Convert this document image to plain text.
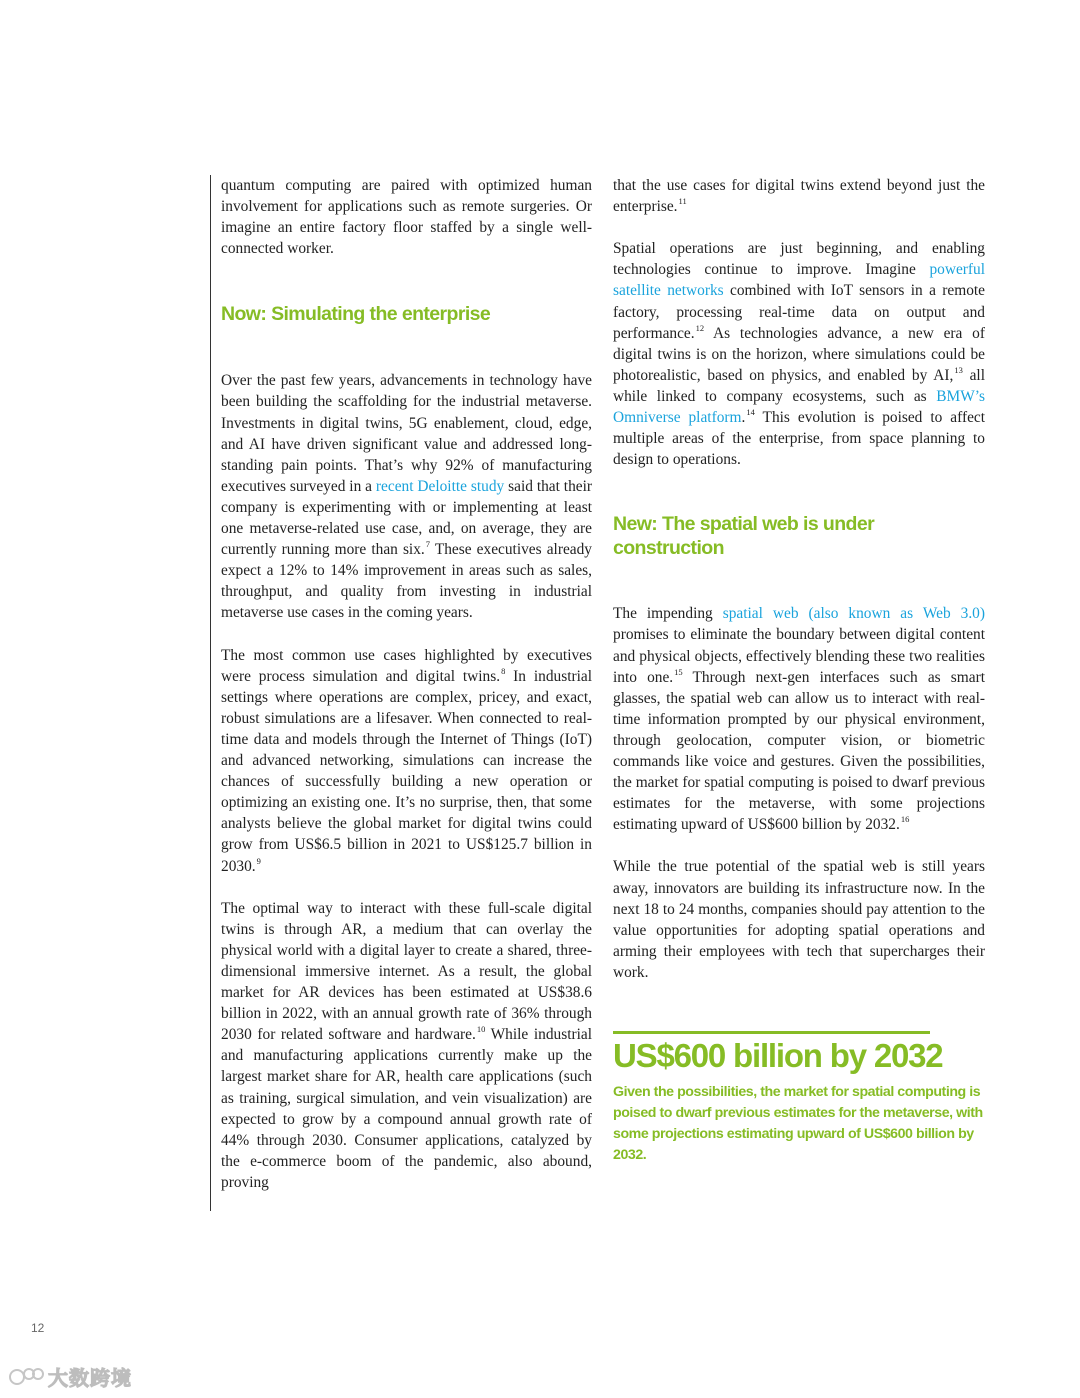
quantum computing are paired with optimized human involvement for applications such as remote surgeries. Or imagine an entire factory floor staffed by a single well-connected worker.

Now: Simulating the enterprise

Over the past few years, advancements in technology have been building the scaffolding for the industrial metaverse. Investments in digital twins, 5G enablement, cloud, edge, and AI have driven significant value and addressed long-standing pain points. That’s why 92% of manufacturing executives surveyed in a recent Deloitte study said that their company is experimenting with or implementing at least one metaverse-related use case, and, on average, they are currently running more than six.$^7$ These executives already expect a 12% to 14% improvement in areas such as sales, throughput, and quality from investing in industrial metaverse use cases in the coming years.

The most common use cases highlighted by executives were process simulation and digital twins.$^8$ In industrial settings where operations are complex, pricey, and exact, robust simulations are a lifesaver. When connected to real-time data and models through the Internet of Things (IoT) and advanced networking, simulations can increase the chances of successfully building a new operation or optimizing an existing one. It’s no surprise, then, that some analysts believe the global market for digital twins could grow from US$6.5 billion in 2021 to US$125.7 billion in 2030.$^9$

The optimal way to interact with these full-scale digital twins is through AR, a medium that can overlay the physical world with a digital layer to create a shared, three-dimensional immersive internet. As a result, the global market for AR devices has been estimated at US$38.6 billion in 2022, with an annual growth rate of 36% through 2030 for related software and hardware.$^{10}$ While industrial and manufacturing applications currently make up the largest market share for AR, health care applications (such as training, surgical simulation, and vein visualization) are expected to grow by a compound annual growth rate of 44% through 2030. Consumer applications, catalyzed by the e-commerce boom of the pandemic, also abound, proving

that the use cases for digital twins extend beyond just the enterprise.$^{11}$

Spatial operations are just beginning, and enabling technologies continue to improve. Imagine powerful satellite networks combined with IoT sensors in a remote factory, processing real-time data on output and performance.$^{12}$ As technologies advance, a new era of digital twins is on the horizon, where simulations could be photorealistic, based on physics, and enabled by AI,$^{13}$ all while linked to company ecosystems, such as BMW’s Omniverse platform.$^{14}$ This evolution is poised to affect multiple areas of the enterprise, from space planning to design to operations.

New: The spatial web is under construction

The impending spatial web (also known as Web 3.0) promises to eliminate the boundary between digital content and physical objects, effectively blending these two realities into one.$^{15}$ Through next-gen interfaces such as smart glasses, the spatial web can allow us to interact with real-time information prompted by our physical environment, through geolocation, computer vision, or biometric commands like voice and gestures. Given the possibilities, the market for spatial computing is poised to dwarf previous estimates for the metaverse, with some projections estimating upward of US$600 billion by 2032.16

While the true potential of the spatial web is still years away, innovators are building its infrastructure now. In the next 18 to 24 months, companies should pay attention to the value opportunities for adopting spatial operations and arming their employees with tech that supercharges their work.

US$600 billion by 2032

Given the possibilities, the market for spatial computing is poised to dwarf previous estimates for the metaverse, with some projections estimating upward of US$600 billion by 2032.

12
大数跨境
